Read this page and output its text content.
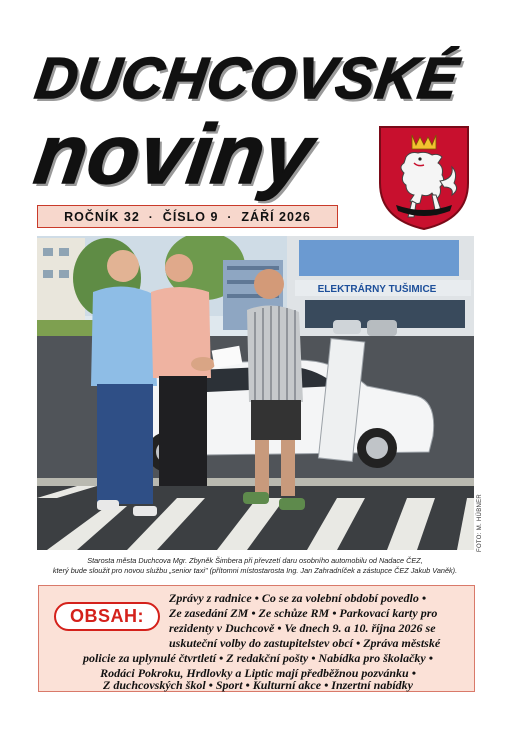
DUCHCOVSKÉ
noviny
ROČNÍK 32 · ČÍSLO 9 · ZÁŘÍ 2026
ELEKTRÁRNY TUŠIMICE
FOTO: M. HÜBNER
Starosta města Duchcova Mgr. Zbyněk Šimbera při převzetí daru osobního automobilu od Nadace ČEZ,
který bude sloužit pro novou službu „senior taxi" (přítomni místostarosta Ing. Jan Zahradníček a zástupce ČEZ Jakub Vaněk).
OBSAH:
Zprávy z radnice • Co se za volební období povedlo •
Ze zasedání ZM • Ze schůze RM • Parkovací karty pro
rezidenty v Duchcově • Ve dnech 9. a 10. října 2026 se
uskuteční volby do zastupitelstev obcí • Zpráva městské
policie za uplynulé čtvrtletí • Z redakční pošty • Nabídka pro školačky •
Rodáci Pokroku, Hrdlovky a Liptic mají předběžnou pozvánku •
Z duchcovských škol • Sport • Kulturní akce • Inzertní nabídky
